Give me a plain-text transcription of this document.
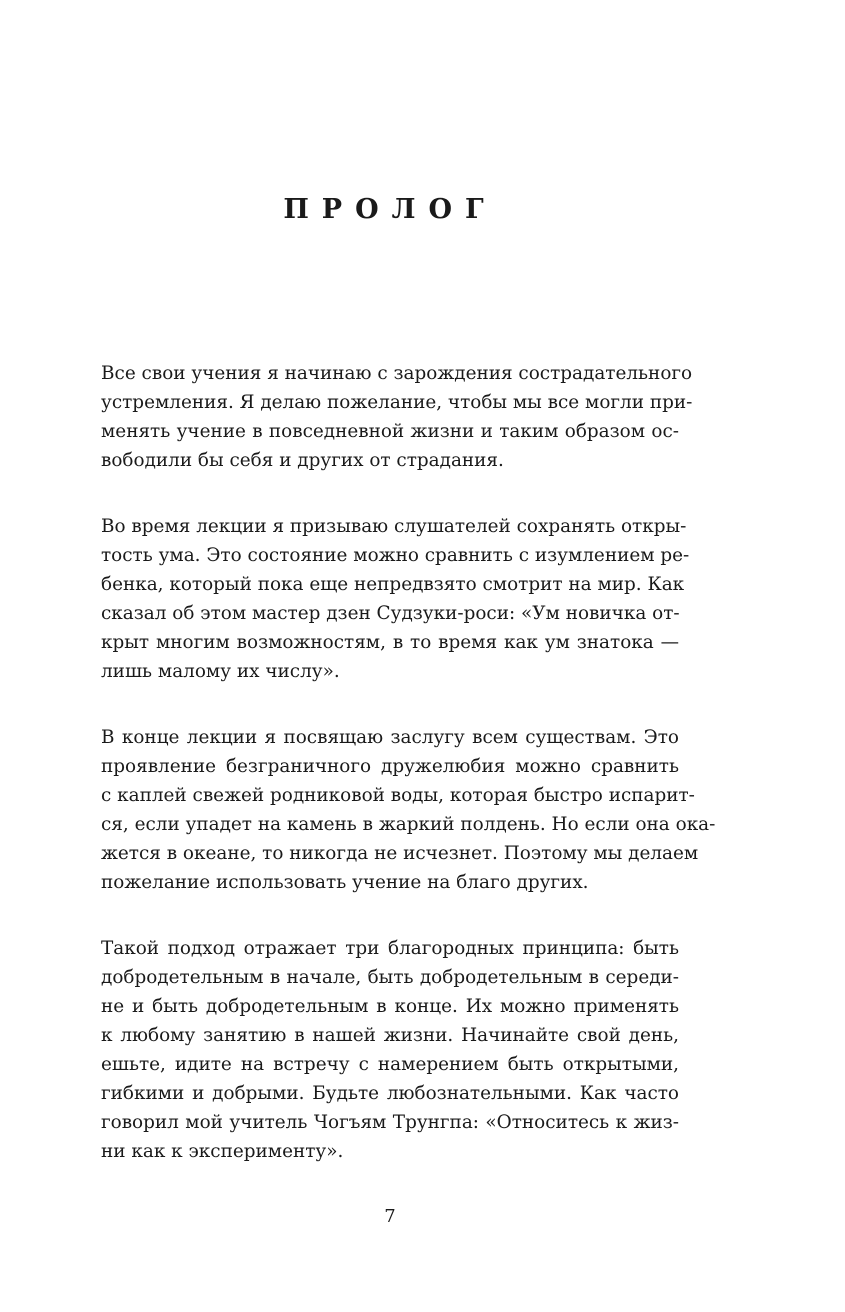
ПРОЛОГ

Все свои учения я начинаю с зарождения сострадательного
устремления. Я делаю пожелание, чтобы мы все могли при-
менять учение в повседневной жизни и таким образом ос-
вободили бы себя и других от страдания.

Во время лекции я призываю слушателей сохранять откры-
тость ума. Это состояние можно сравнить с изумлением ре-
бенка, который пока еще непредвзято смотрит на мир. Как
сказал об этом мастер дзен Судзуки-роси: «Ум новичка от-
крыт многим возможностям, в то время как ум знатока —
лишь малому их числу».

В конце лекции я посвящаю заслугу всем существам. Это
проявление безграничного дружелюбия можно сравнить
с каплей свежей родниковой воды, которая быстро испарит-
ся, если упадет на камень в жаркий полдень. Но если она ока-
жется в океане, то никогда не исчезнет. Поэтому мы делаем
пожелание использовать учение на благо других.

Такой подход отражает три благородных принципа: быть
добродетельным в начале, быть добродетельным в середи-
не и быть добродетельным в конце. Их можно применять
к любому занятию в нашей жизни. Начинайте свой день,
ешьте, идите на встречу с намерением быть открытыми,
гибкими и добрыми. Будьте любознательными. Как часто
говорил мой учитель Чогъям Трунгпа: «Относитесь к жиз-
ни как к эксперименту».

7
